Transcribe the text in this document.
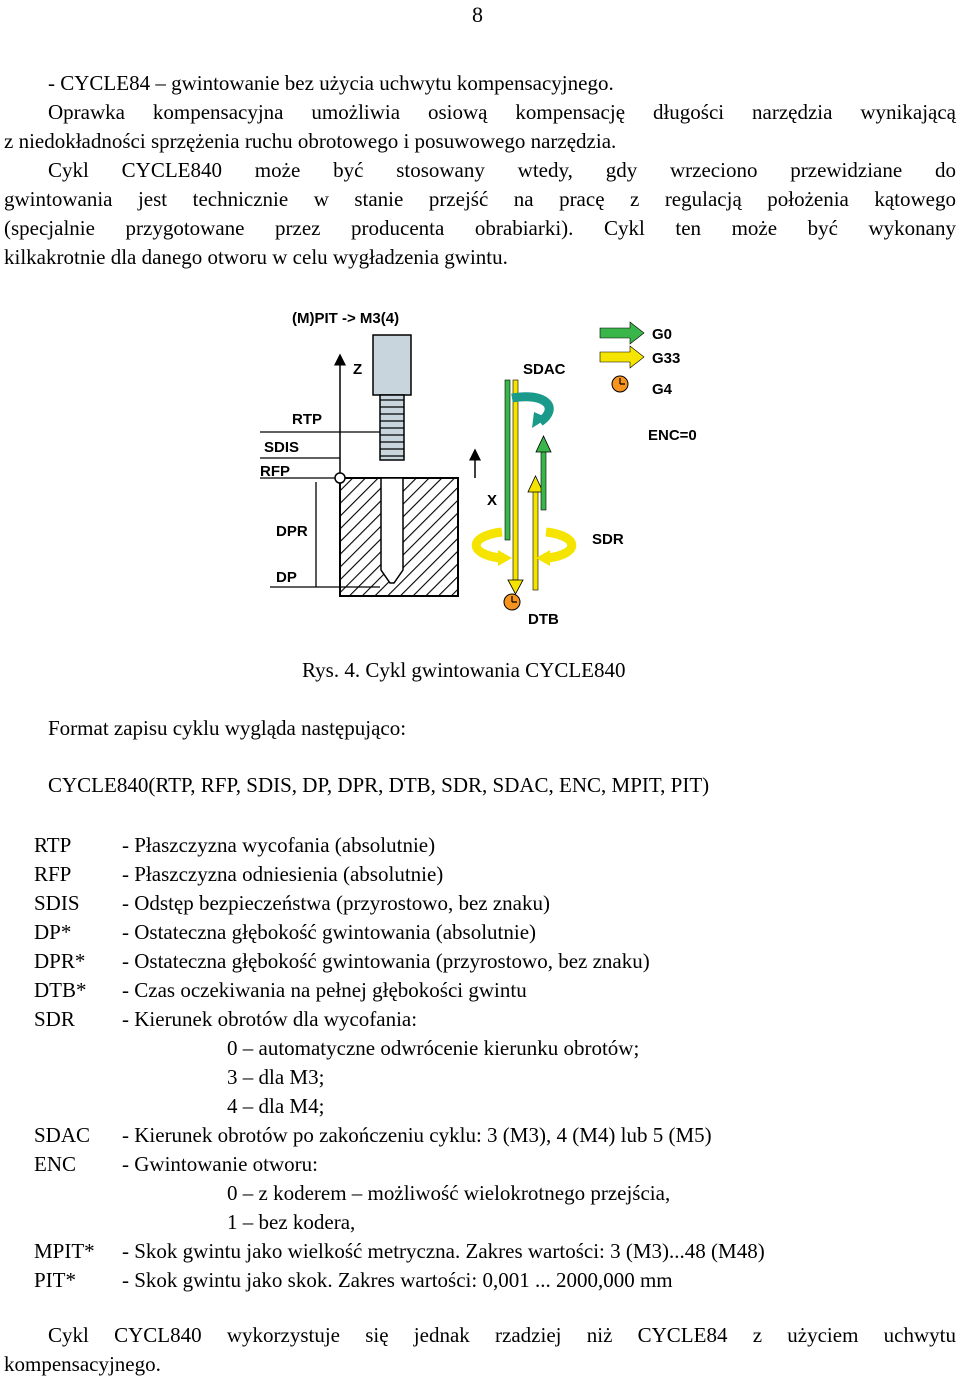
8
- CYCLE84 – gwintowanie bez użycia uchwytu kompensacyjnego.
Oprawka kompensacyjna umożliwia osiową kompensację długości narzędzia wynikającą
z niedokładności sprzężenia ruchu obrotowego i posuwowego narzędzia.
Cykl CYCLE840 może być stosowany wtedy, gdy wrzeciono przewidziane do
gwintowania jest technicznie w stanie przejść na pracę z regulacją położenia kątowego
(specjalnie przygotowane przez producenta obrabiarki). Cykl ten może być wykonany
kilkakrotnie dla danego otworu w celu wygładzenia gwintu.
(M)PIT -> M3(4)
Z
X
RTP
SDIS
RFP
DPR
DP
SDAC
SDR
DTB
G0
G33
G4
ENC=0
Rys. 4. Cykl gwintowania CYCLE840
Format zapisu cyklu wygląda następująco:
CYCLE840(RTP, RFP, SDIS, DP, DPR, DTB, SDR, SDAC, ENC, MPIT, PIT)
RTP - Płaszczyzna wycofania (absolutnie)
RFP - Płaszczyzna odniesienia (absolutnie)
SDIS - Odstęp bezpieczeństwa (przyrostowo, bez znaku)
DP* - Ostateczna głębokość gwintowania (absolutnie)
DPR* - Ostateczna głębokość gwintowania (przyrostowo, bez znaku)
DTB* - Czas oczekiwania na pełnej głębokości gwintu
SDR - Kierunek obrotów dla wycofania:
0 – automatyczne odwrócenie kierunku obrotów;
3 – dla M3;
4 – dla M4;
SDAC - Kierunek obrotów po zakończeniu cyklu: 3 (M3), 4 (M4) lub 5 (M5)
ENC - Gwintowanie otworu:
0 – z koderem – możliwość wielokrotnego przejścia,
1 – bez kodera,
MPIT* - Skok gwintu jako wielkość metryczna. Zakres wartości: 3 (M3)...48 (M48)
PIT* - Skok gwintu jako skok. Zakres wartości: 0,001 ... 2000,000 mm
Cykl CYCL840 wykorzystuje się jednak rzadziej niż CYCLE84 z użyciem uchwytu
kompensacyjnego.
